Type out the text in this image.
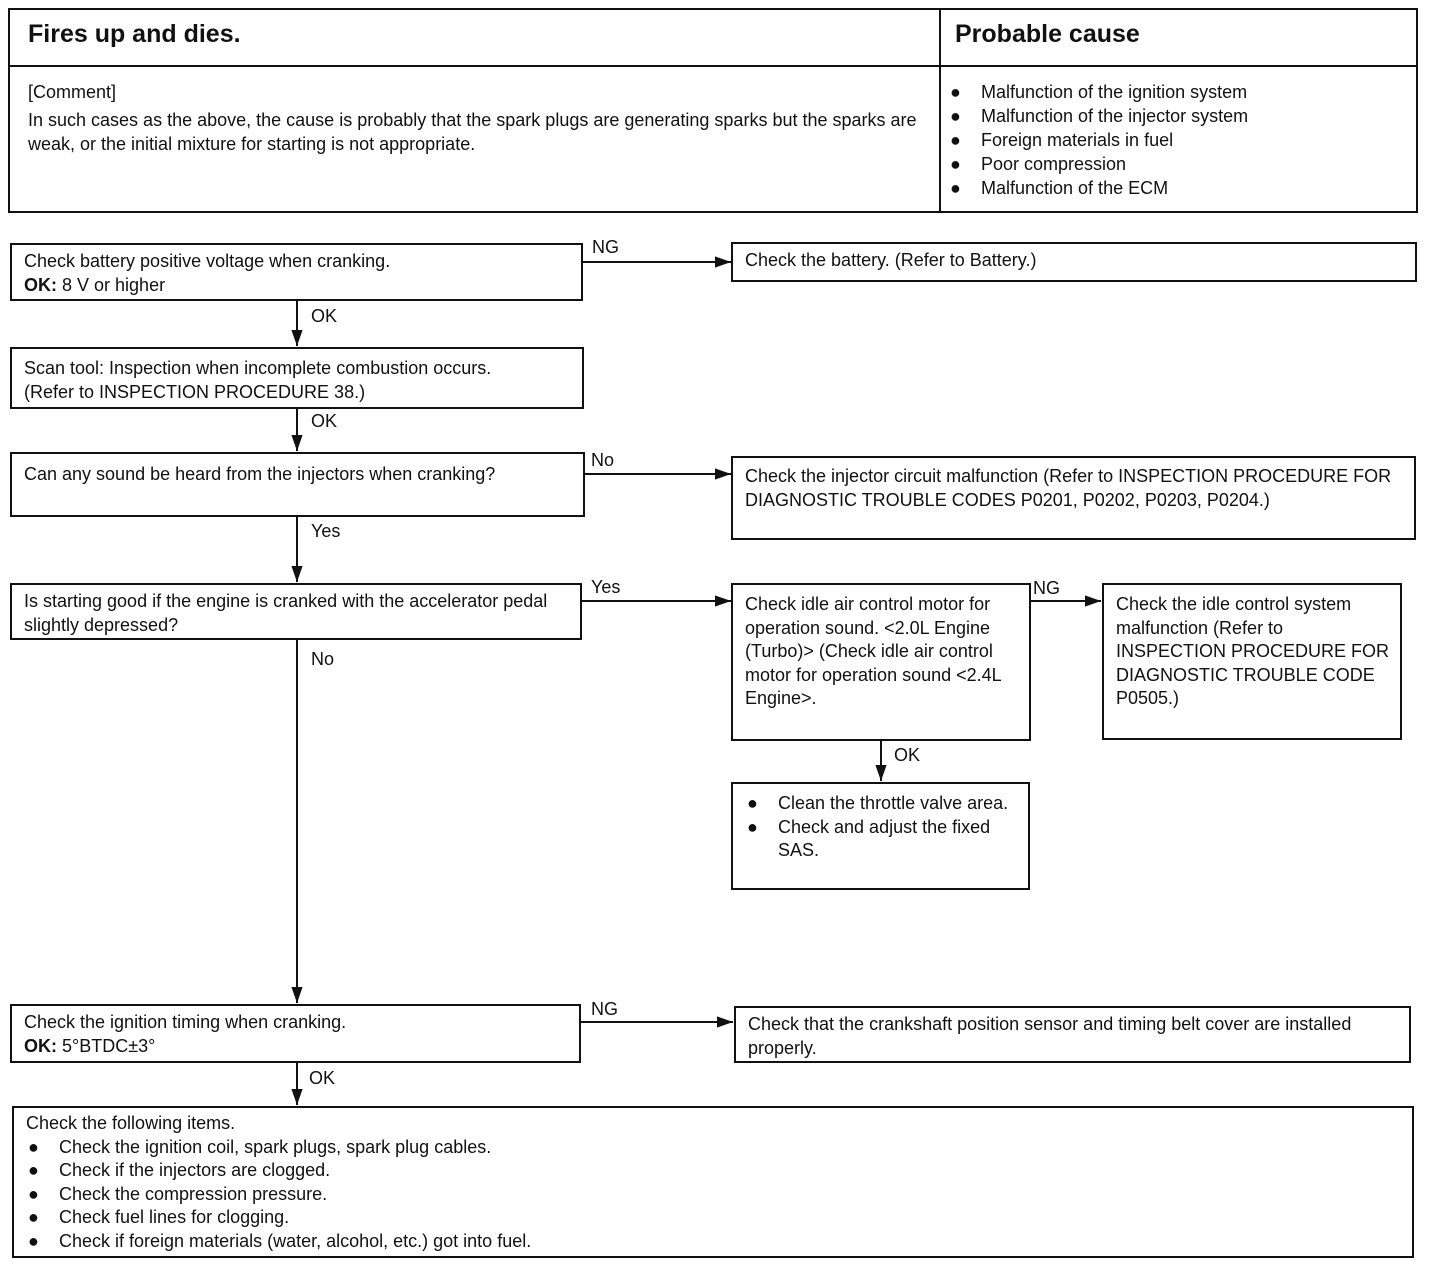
Fires up and dies.	Probable cause
[Comment]
In such cases as the above, the cause is probably that the spark plugs are generating sparks but the sparks are weak, or the initial mixture for starting is not appropriate.
● Malfunction of the ignition system
● Malfunction of the injector system
● Foreign materials in fuel
● Poor compression
● Malfunction of the ECM
NG
OK
OK
No
Yes
Yes
No
NG
OK
NG
OK
Check battery positive voltage when cranking.
OK: 8 V or higher
Check the battery. (Refer to Battery.)
Scan tool: Inspection when incomplete combustion occurs.
(Refer to INSPECTION PROCEDURE 38.)
Can any sound be heard from the injectors when cranking?	Check the injector circuit malfunction (Refer to INSPECTION PROCEDURE FOR DIAGNOSTIC TROUBLE CODES P0201, P0202, P0203, P0204.)
Is starting good if the engine is cranked with the accelerator pedal slightly depressed?
Check idle air control motor for operation sound. <2.0L Engine (Turbo)> (Check idle air control motor for operation sound <2.4L Engine>.
Check the idle control system malfunction (Refer to INSPECTION PROCEDURE FOR DIAGNOSTIC TROUBLE CODE P0505.)
● Clean the throttle valve area.
● Check and adjust the fixed SAS.
Check the ignition timing when cranking.
OK: 5°BTDC±3°
Check that the crankshaft position sensor and timing belt cover are installed properly.
Check the following items.
● Check the ignition coil, spark plugs, spark plug cables.
● Check if the injectors are clogged.
● Check the compression pressure.
● Check fuel lines for clogging.
● Check if foreign materials (water, alcohol, etc.) got into fuel.
